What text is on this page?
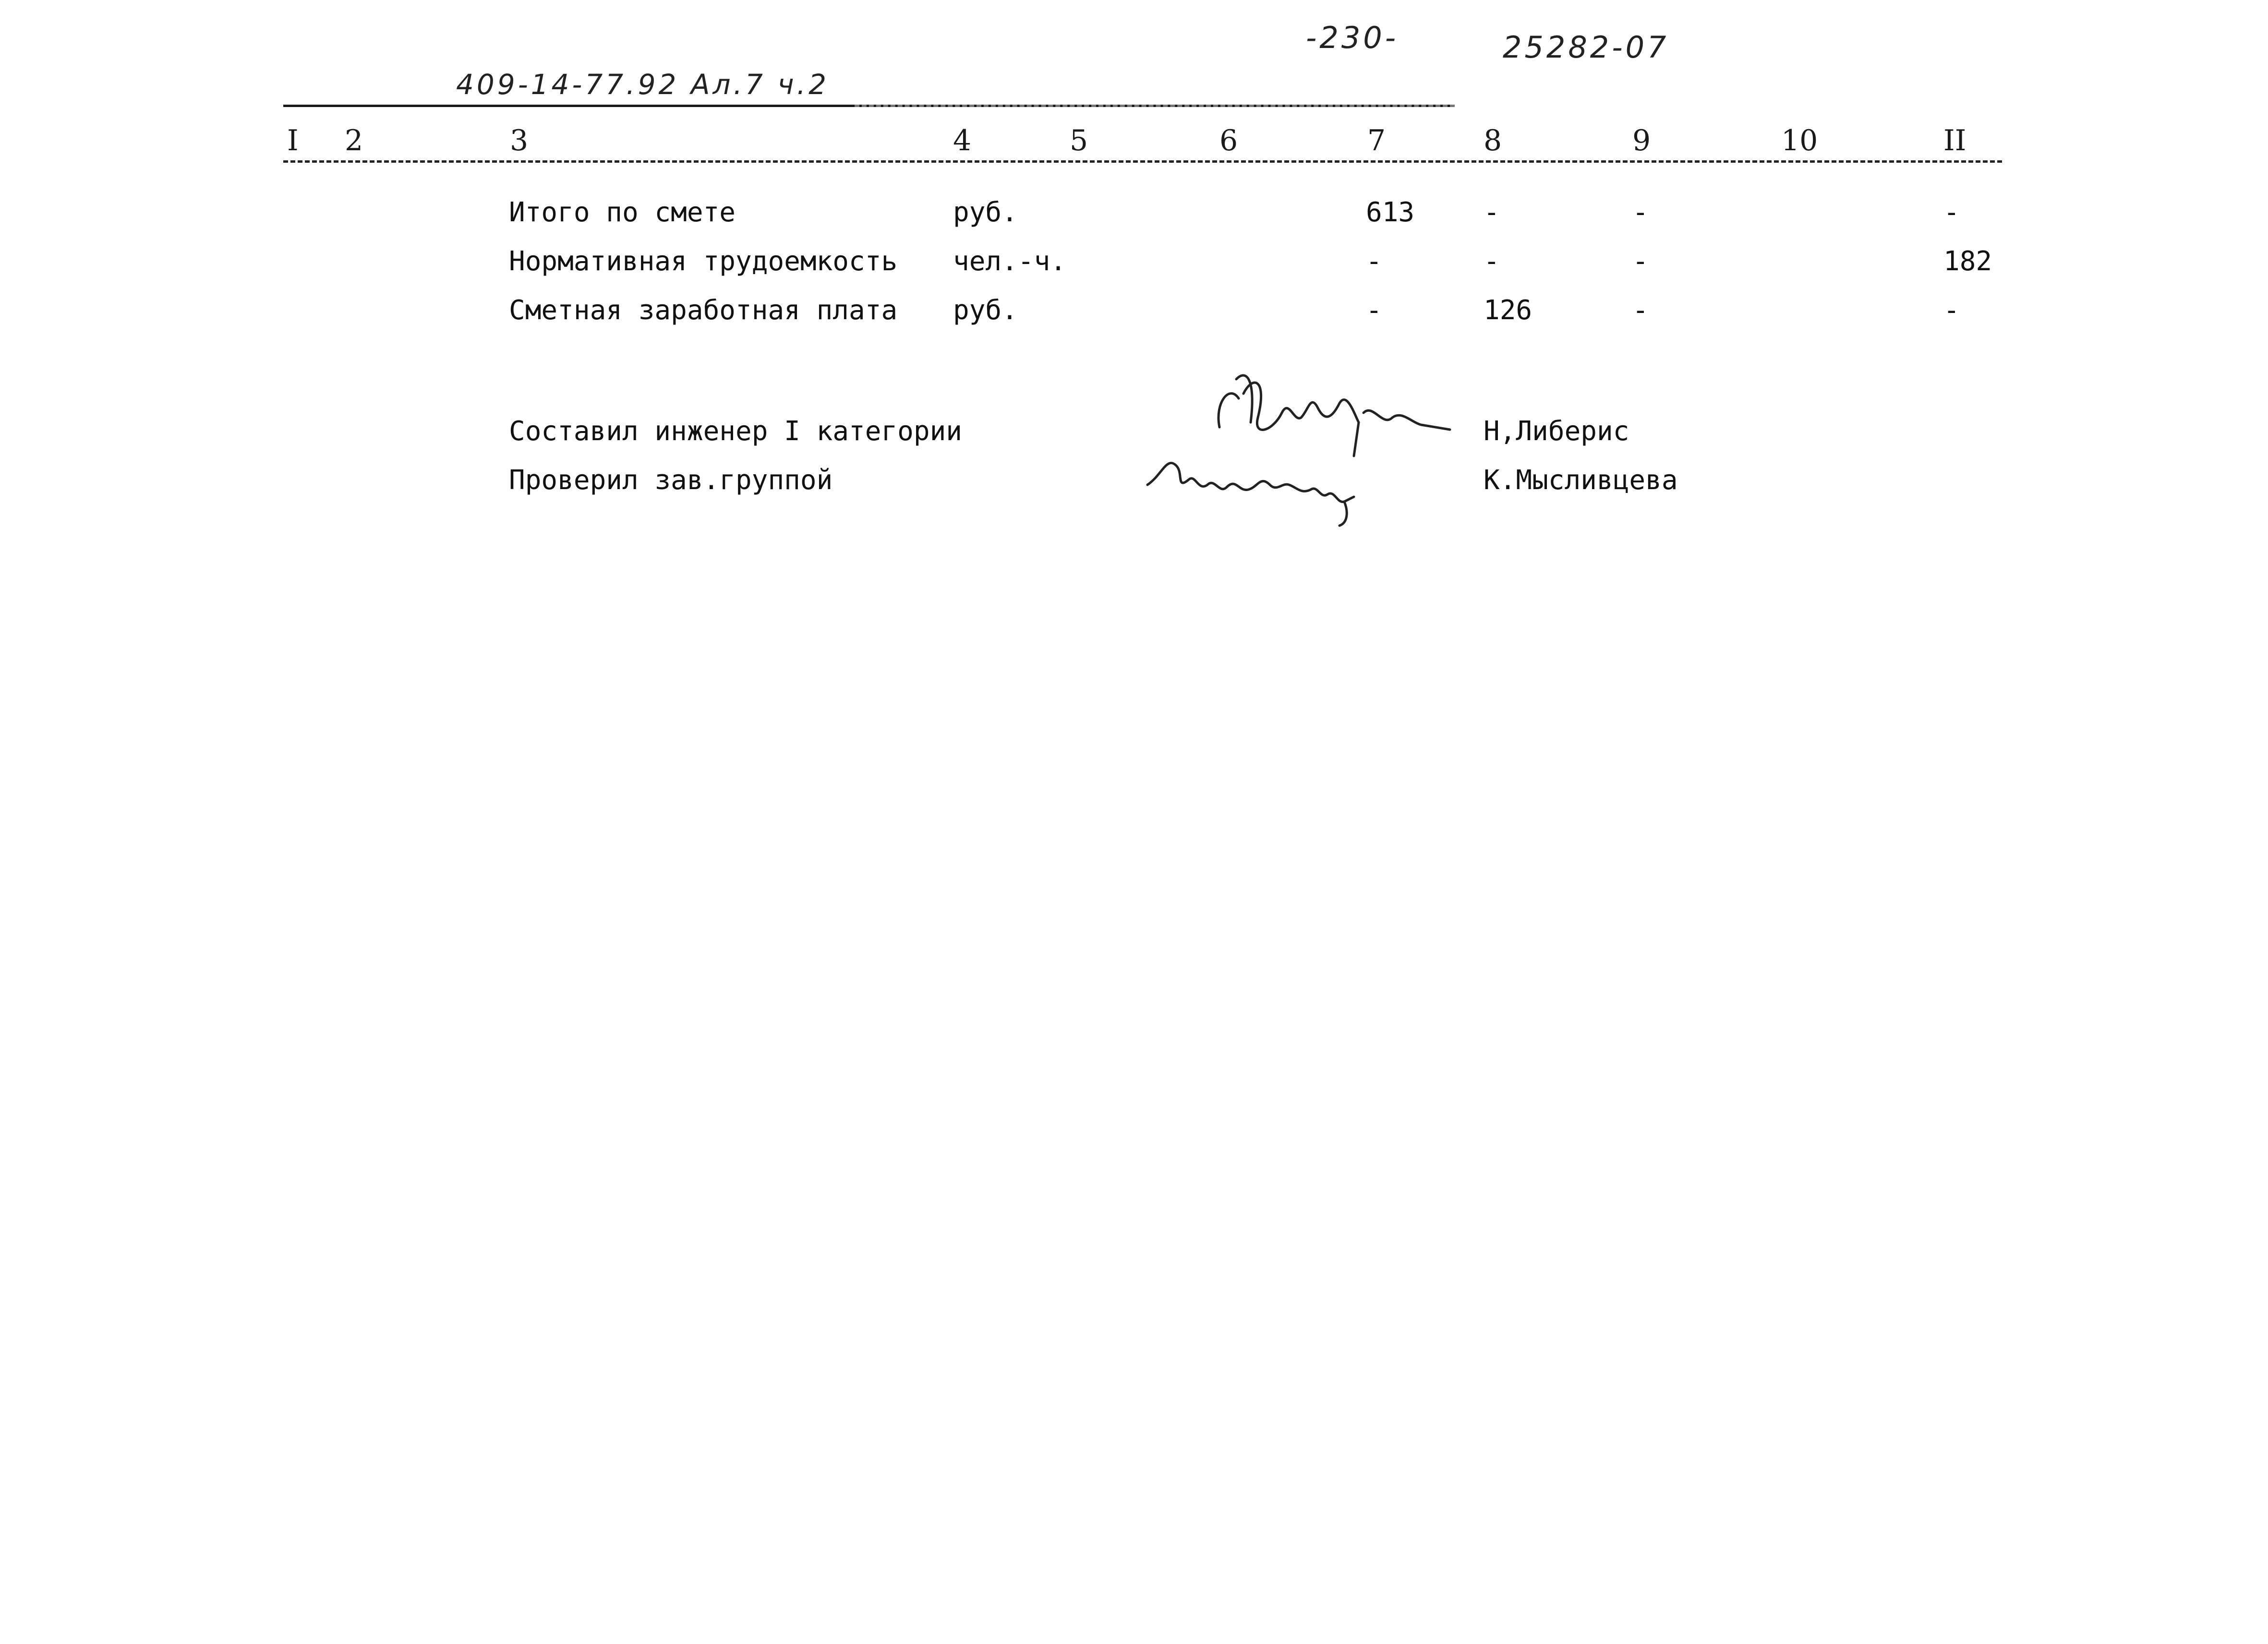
409-14-77.92 Ал.7 ч.2
-230-	25282-07
I 2	3	4	5	6	7	8	9	10	II
Итого по смете	руб.	613	-	-	-
Нормативная трудоемкость чел.-ч.	-	-	-	182
Сметная заработная плата руб.	-	126	-	-
Составил инженер I категории	Н,Либерис
Проверил зав.группой	К.Мысливцева
